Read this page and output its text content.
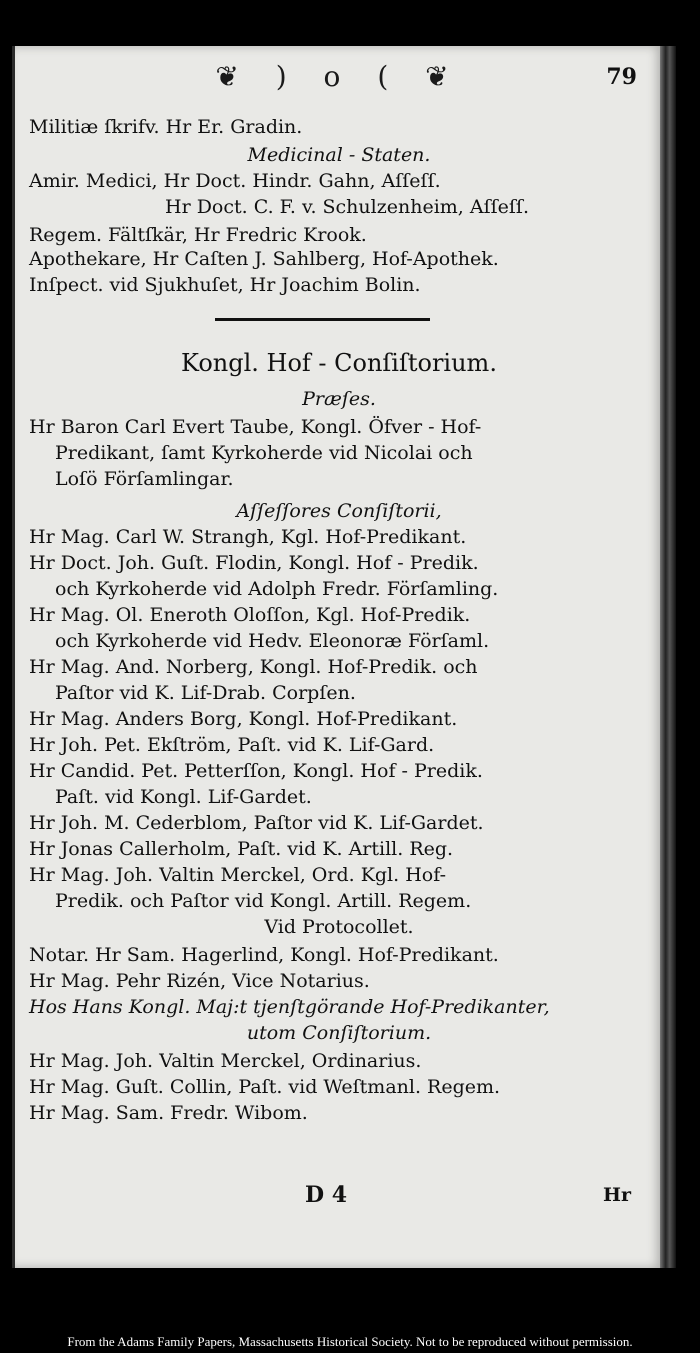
❦ ) o ( ❦	79
Militiæ ſkrifv. Hr Er. Gradin.
Medicinal - Staten.
Amir. Medici, Hr Doct. Hindr. Gahn, Aſſeſſ.
Hr Doct. C. F. v. Schulzenheim, Aſſeſſ.
Regem. Fältſkär, Hr Fredric Krook.
Apothekare, Hr Caſten J. Sahlberg, Hof-Apothek.
Inſpect. vid Sjukhuſet, Hr Joachim Bolin.
Kongl. Hof - Conſiſtorium.
Præſes.
Hr Baron Carl Evert Taube, Kongl. Öfver - Hof-
Predikant, ſamt Kyrkoherde vid Nicolai och
Loſö Förſamlingar.
Aſſeſſores Conſiſtorii,
Hr Mag. Carl W. Strangh, Kgl. Hof-Predikant.
Hr Doct. Joh. Guſt. Flodin, Kongl. Hof - Predik.
och Kyrkoherde vid Adolph Fredr. Förſamling.
Hr Mag. Ol. Eneroth Oloſſon, Kgl. Hof-Predik.
och Kyrkoherde vid Hedv. Eleonoræ Förſaml.
Hr Mag. And. Norberg, Kongl. Hof-Predik. och
Paſtor vid K. Lif-Drab. Corpſen.
Hr Mag. Anders Borg, Kongl. Hof-Predikant.
Hr Joh. Pet. Ekſtröm, Paſt. vid K. Lif-Gard.
Hr Candid. Pet. Petterſſon, Kongl. Hof - Predik.
Paſt. vid Kongl. Lif-Gardet.
Hr Joh. M. Cederblom, Paſtor vid K. Lif-Gardet.
Hr Jonas Callerholm, Paſt. vid K. Artill. Reg.
Hr Mag. Joh. Valtin Merckel, Ord. Kgl. Hof-
Predik. och Paſtor vid Kongl. Artill. Regem.
Vid Protocollet.
Notar. Hr Sam. Hagerlind, Kongl. Hof-Predikant.
Hr Mag. Pehr Rizén, Vice Notarius.
Hos Hans Kongl. Maj:t tjenſtgörande Hof-Predikanter,
utom Conſiſtorium.
Hr Mag. Joh. Valtin Merckel, Ordinarius.
Hr Mag. Guſt. Collin, Paſt. vid Weſtmanl. Regem.
Hr Mag. Sam. Fredr. Wibom.
D 4	Hr
From the Adams Family Papers, Massachusetts Historical Society. Not to be reproduced without permission.
